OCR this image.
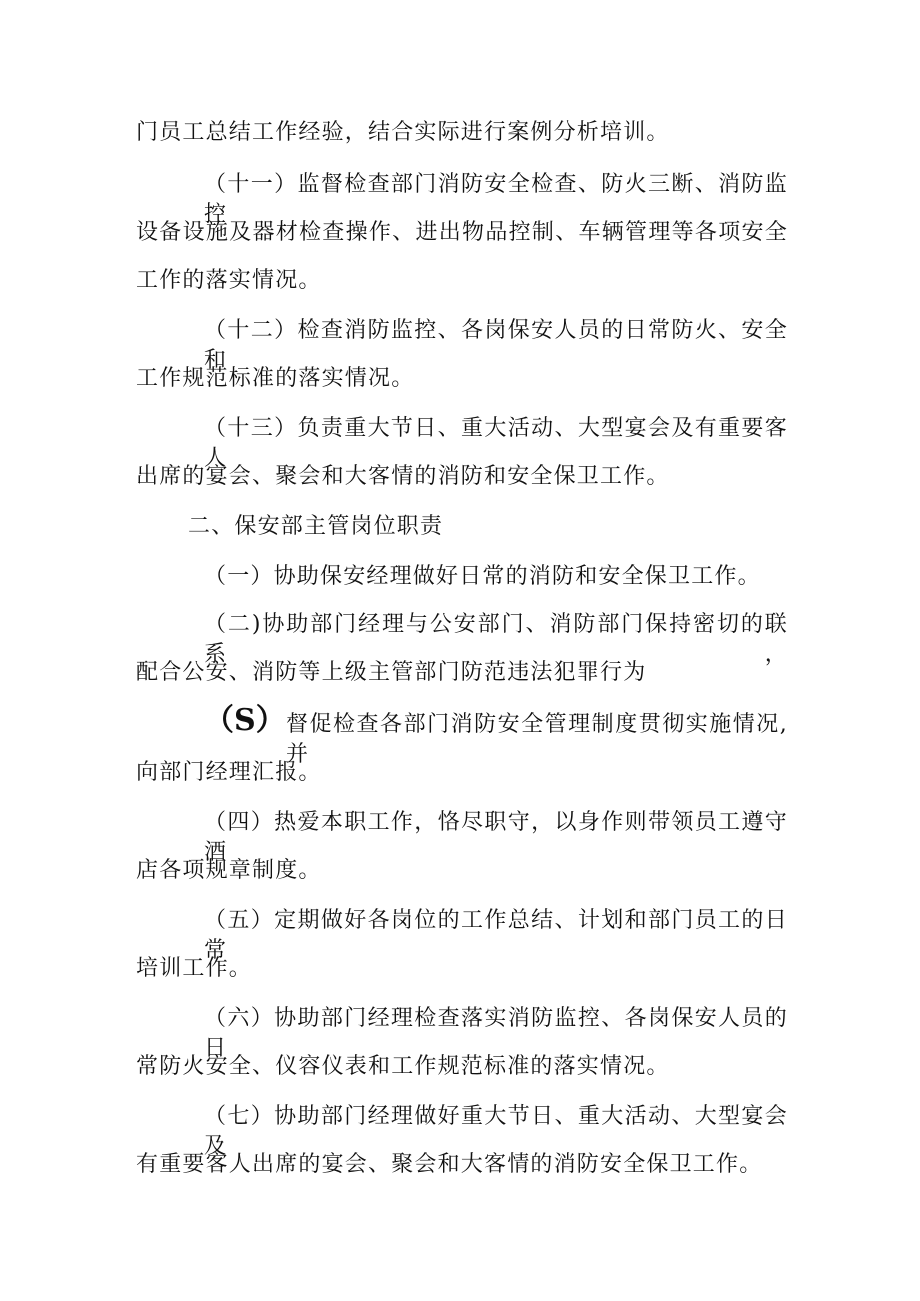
门员工总结工作经验，结合实际进行案例分析培训。
（十一）监督检查部门消防安全检查、防火三断、消防监控
设备设施及器材检查操作、进出物品控制、车辆管理等各项安全
工作的落实情况。
（十二）检查消防监控、各岗保安人员的日常防火、安全和
工作规范标准的落实情况。
（十三）负责重大节日、重大活动、大型宴会及有重要客人
出席的宴会、聚会和大客情的消防和安全保卫工作。
二、保安部主管岗位职责
（一）协助保安经理做好日常的消防和安全保卫工作。
（二)协助部门经理与公安部门、消防部门保持密切的联系，
配合公安、消防等上级主管部门防范违法犯罪行为
（S） 督促检查各部门消防安全管理制度贯彻实施情况,并
向部门经理汇报。
（四）热爱本职工作，恪尽职守，以身作则带领员工遵守酒
店各项规章制度。
（五）定期做好各岗位的工作总结、计划和部门员工的日常
培训工作。
（六）协助部门经理检查落实消防监控、各岗保安人员的日
常防火安全、仪容仪表和工作规范标准的落实情况。
（七）协助部门经理做好重大节日、重大活动、大型宴会及
有重要客人出席的宴会、聚会和大客情的消防安全保卫工作。
